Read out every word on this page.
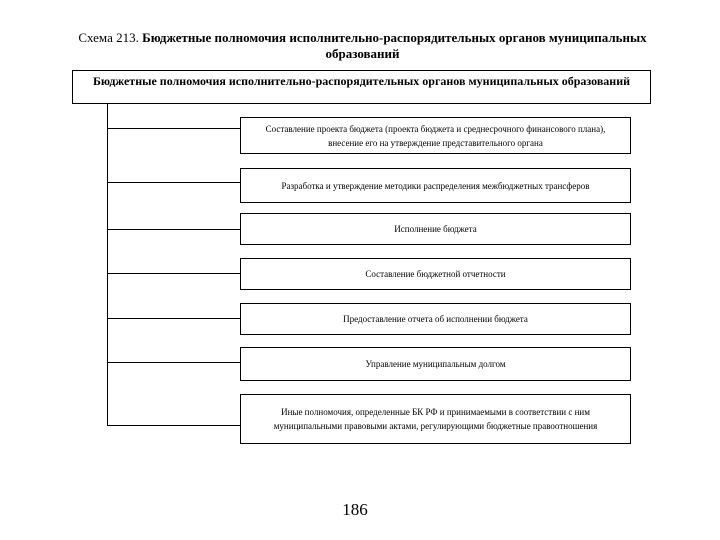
Схема 213. Бюджетные полномочия исполнительно-распорядительных органов муниципальных образований
Бюджетные полномочия исполнительно-распорядительных органов муниципальных образований
Составление проекта бюджета (проекта бюджета и среднесрочного финансового плана), внесение его на утверждение представительного органа
Разработка и утверждение методики распределения межбюджетных трансферов
Исполнение бюджета
Составление бюджетной отчетности
Предоставление отчета об исполнении бюджета
Управление муниципальным долгом
Иные полномочия, определенные БК РФ и принимаемыми в соответствии с ним муниципальными правовыми актами, регулирующими бюджетные правоотношения
186
